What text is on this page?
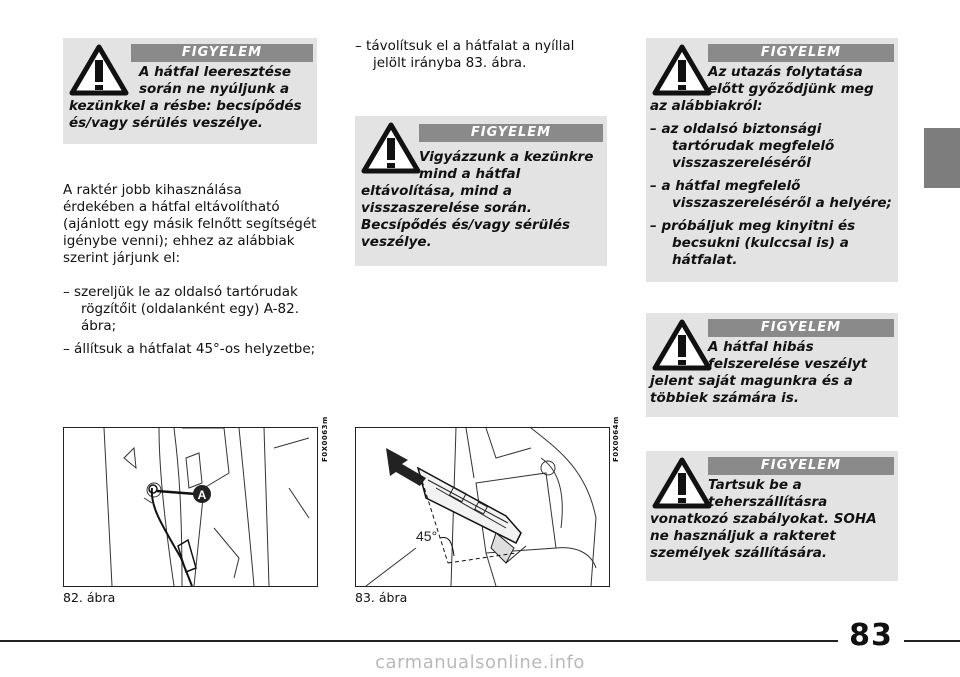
FIGYELEM

A hátfal leeresztése

során ne nyúljunk a

kezünkkel a résbe: becsípődés

és/vagy sérülés veszélye.

A raktér jobb kihasználása

érdekében a hátfal eltávolítható

(ajánlott egy másik felnőtt segítségét

igénybe venni); ehhez az alábbiak

szerint járjunk el:

– szereljük le az oldalsó tartórudak
rögzítőit (oldalanként egy) A-82.
ábra;
– állítsuk a hátfalat 45°-os helyzetbe;
– távolítsuk el a hátfalat a nyíllal
jelölt irányba 83. ábra.
FIGYELEM

Vigyázzunk a kezünkre

mind a hátfal

eltávolítása, mind a

visszaszerelése során.

Becsípődés és/vagy sérülés

veszélye.

FIGYELEM

Az utazás folytatása

előtt győződjünk meg

az alábbiakról:

– az oldalsó biztonsági
tartórudak megfelelő
visszaszereléséről
– a hátfal megfelelő
visszaszereléséről a helyére;
– próbáljuk meg kinyitni és
becsukni (kulccsal is) a
hátfalat.
FIGYELEM

A hátfal hibás

felszerelése veszélyt

jelent saját magunkra és a

többiek számára is.

FIGYELEM

Tartsuk be a

teherszállításra

vonatkozó szabályokat. SOHA

ne használjuk a rakteret

személyek szállítására.

A
F0X0063m
82. ábra
45°
F0X0064m
83. ábra
83
carmanualsonline.info
